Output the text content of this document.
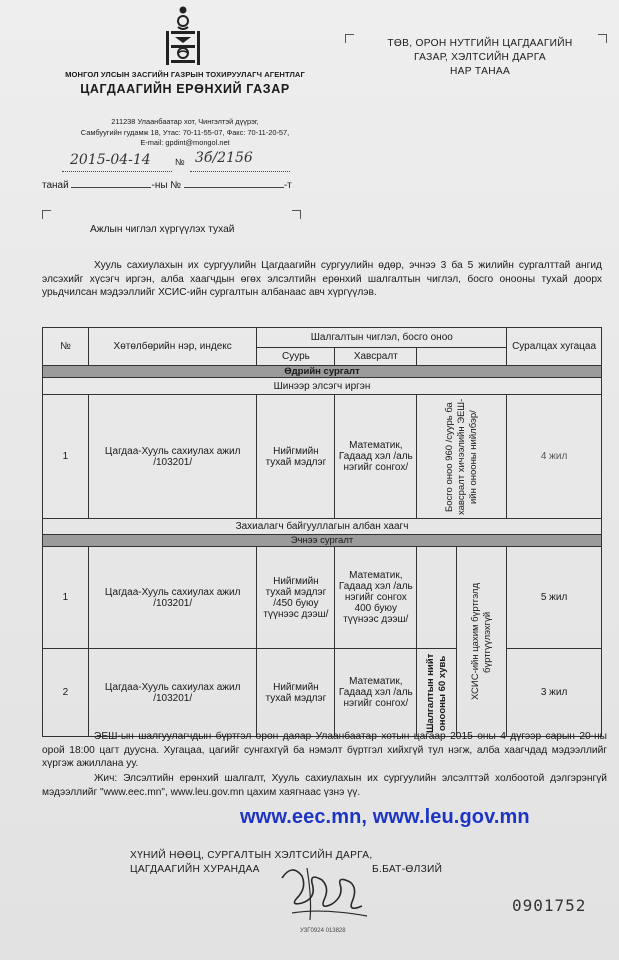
МОНГОЛ УЛСЫН ЗАСГИЙН ГАЗРЫН ТОХИРУУЛАГЧ АГЕНТЛАГ
ЦАГДААГИЙН ЕРӨНХИЙ ГАЗАР
211238 Улаанбаатар хот, Чингэлтэй дүүрэг,
Самбуугийн гудамж 18, Утас: 70-11-55-07, Факс: 70-11-20-57,
E-mail: gpdint@mongol.net
ТӨВ, ОРОН НУТГИЙН ЦАГДААГИЙН
ГАЗАР, ХЭЛТСИЙН ДАРГА
НАР ТАНАА
2015-04-14	№ 3б/2156
танай	-ны №	-т
Ажлын чиглэл хүргүүлэх тухай
Хууль сахиулахын их сургуулийн Цагдаагийн сургуулийн өдөр, эчнээ 3 ба 5 жилийн сургалттай ангид элсэхийг хүсэгч иргэн, алба хаагчдын өгөх элсэлтийн ерөнхий шалгалтын чиглэл, босго онооны тухай доорх урьдчилсан мэдээллийг ХСИС-ийн сургалтын албанаас авч хүргүүлэв.
№	Хөтөлбөрийн нэр, индекс	Шалгалтын чиглэл, босго оноо				Суралцах хугацаа
		Суурь	Хавсралт			
Өдрийн сургалт						
Шинээр элсэгч иргэн						
1	Цагдаа-Хууль сахиулах ажил /103201/	Нийгмийн тухай мэдлэг	Математик, Гадаад хэл /аль нэгийг сонгох/	Босго оноо 960 /суурь ба хавсралт хичээлийн ЭЕШ-ийн онооны нийлбэр/		4 жил
Захиалагч байгууллагын албан хаагч						
Эчнээ сургалт						
1	Цагдаа-Хууль сахиулах ажил /103201/	Нийгмийн тухай мэдлэг /450 буюу түүнээс дээш/	Математик, Гадаад хэл /аль нэгийг сонгох 400 буюу түүнээс дээш/		ХСИС-ийн цахим бүртгэлд бүртгүүлэхгүй	5 жил
2	Цагдаа-Хууль сахиулах ажил /103201/	Нийгмийн тухай мэдлэг	Математик, Гадаад хэл /аль нэгийг сонгох/	Шалгалтын нийт онооны 60 хувь		3 жил
ЭЕШ-ын шалгуулагчдын бүртгэл орон даяар Улаанбаатар хотын цагаар 2015 оны 4 дүгээр сарын 20-ны орой 18:00 цагт дуусна. Хугацаа, цагийг сунгахгүй ба нэмэлт бүртгэл хийхгүй тул нэгж, алба хаагчдад мэдээллийг хүргэж ажиллана уу.
Жич: Элсэлтийн ерөнхий шалгалт, Хууль сахиулахын их сургуулийн элсэлттэй холбоотой дэлгэрэнгүй мэдээллийг "www.eec.mn", www.leu.gov.mn цахим хаягнаас үзнэ үү.
www.eec.mn, www.leu.gov.mn
ХҮНИЙ НӨӨЦ, СУРГАЛТЫН ХЭЛТСИЙН ДАРГА,
ЦАГДААГИЙН ХУРАНДАА	Б.БАТ-ӨЛЗИЙ
0901752
УЗГ0924 013828
